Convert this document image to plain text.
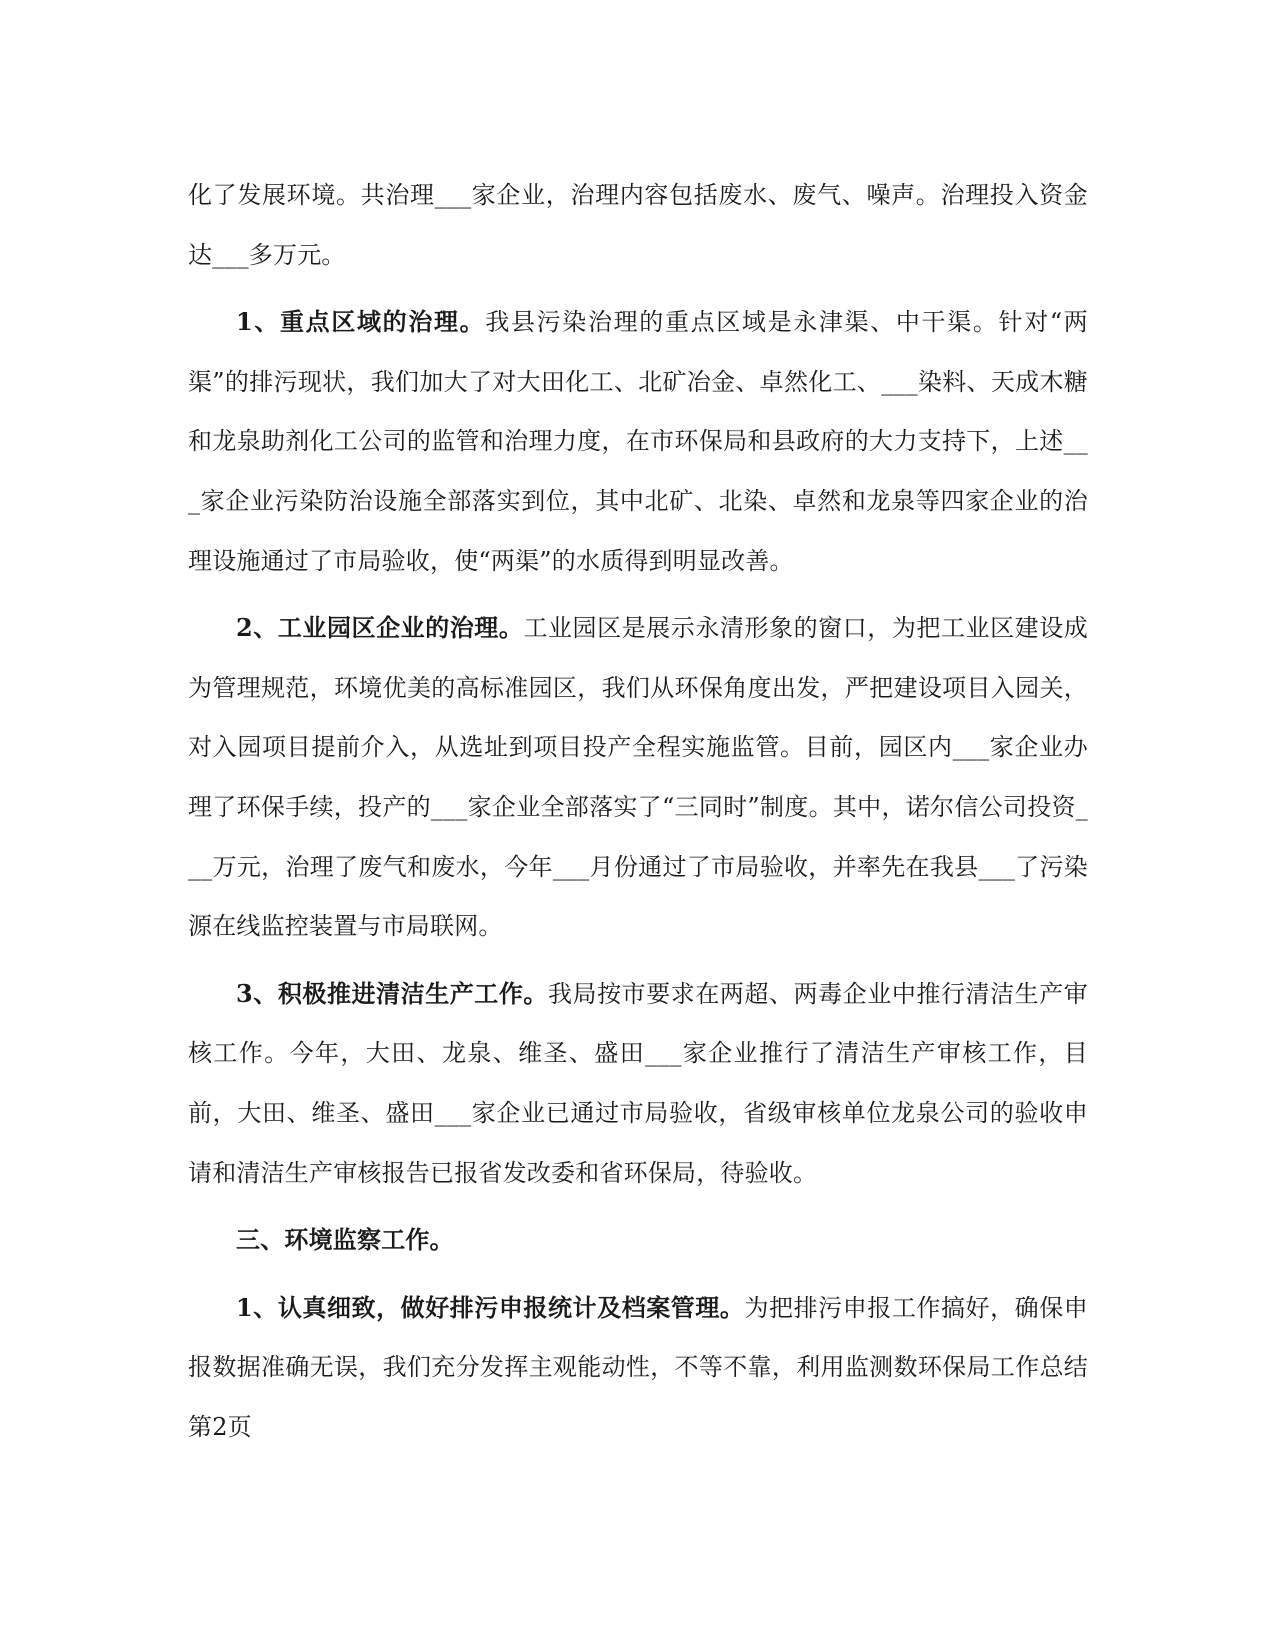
化了发展环境。共治理___家企业，治理内容包括废水、废气、噪声。治理投入资金达___多万元。

1、重点区域的治理。我县污染治理的重点区域是永津渠、中干渠。针对“两渠”的排污现状，我们加大了对大田化工、北矿冶金、卓然化工、___染料、天成木糖和龙泉助剂化工公司的监管和治理力度，在市环保局和县政府的大力支持下，上述___家企业污染防治设施全部落实到位，其中北矿、北染、卓然和龙泉等四家企业的治理设施通过了市局验收，使“两渠”的水质得到明显改善。

2、工业园区企业的治理。工业园区是展示永清形象的窗口，为把工业区建设成为管理规范，环境优美的高标准园区，我们从环保角度出发，严把建设项目入园关，对入园项目提前介入，从选址到项目投产全程实施监管。目前，园区内___家企业办理了环保手续，投产的___家企业全部落实了“三同时”制度。其中，诺尔信公司投资___万元，治理了废气和废水，今年___月份通过了市局验收，并率先在我县___了污染源在线监控装置与市局联网。

3、积极推进清洁生产工作。我局按市要求在两超、两毒企业中推行清洁生产审核工作。今年，大田、龙泉、维圣、盛田___家企业推行了清洁生产审核工作，目前，大田、维圣、盛田___家企业已通过市局验收，省级审核单位龙泉公司的验收申请和清洁生产审核报告已报省发改委和省环保局，待验收。

三、环境监察工作。

1、认真细致，做好排污申报统计及档案管理。为把排污申报工作搞好，确保申报数据准确无误，我们充分发挥主观能动性，不等不靠，利用监测数环保局工作总结第2页
